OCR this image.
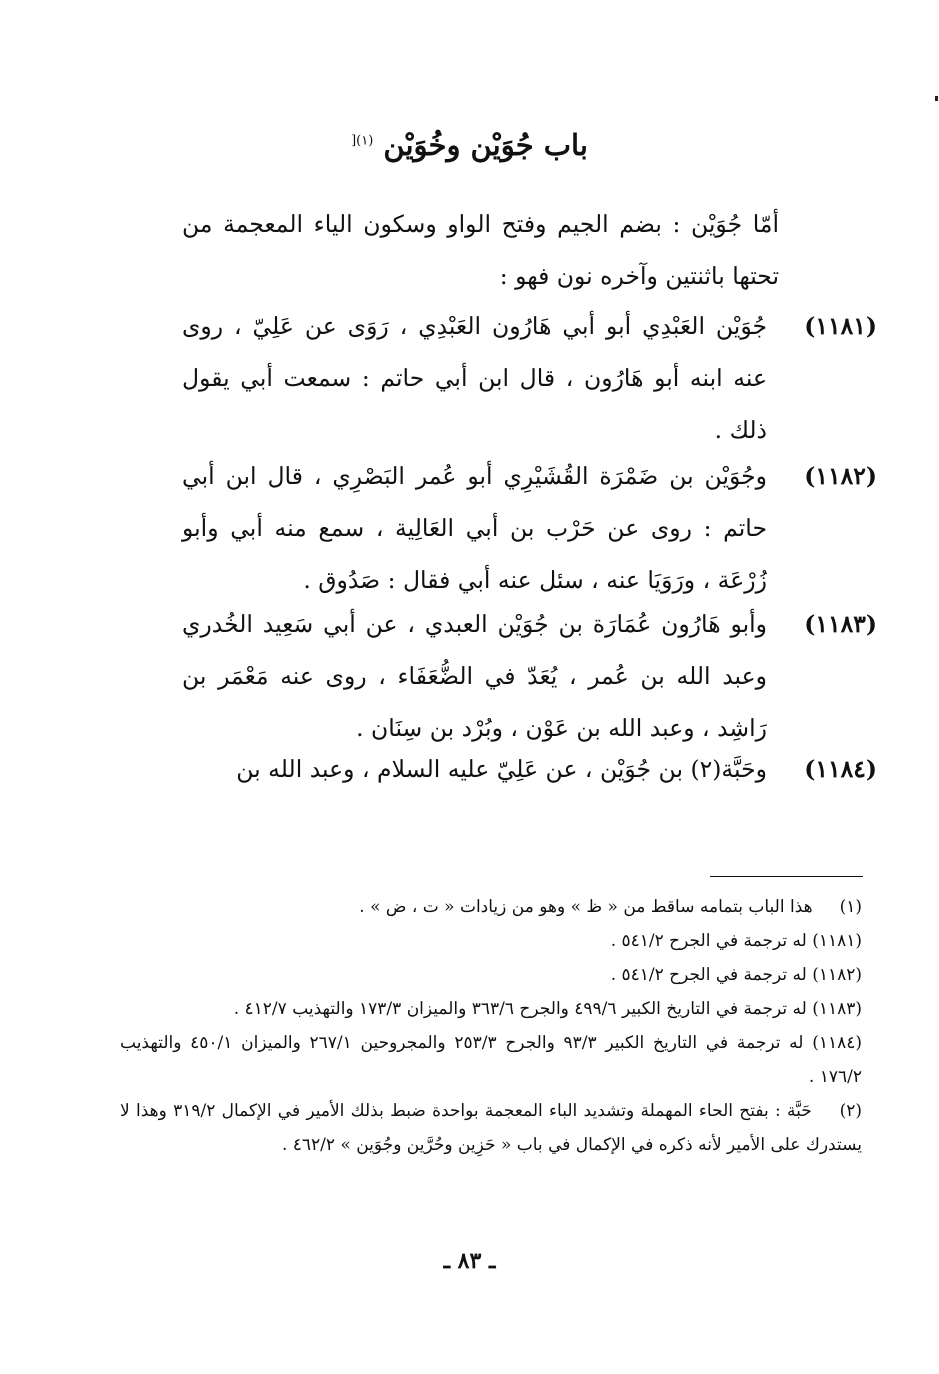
باب جُوَيْن وخُوَيْن $^{(١)[}$
أمّا جُوَيْن : بضم الجيم وفتح الواو وسكون الياء المعجمة من تحتها باثنتين وآخره نون فهو :
(١١٨١)
جُوَيْن العَبْدِي أبو أبي هَارُون العَبْدِي ، رَوَى عن عَلِيّ ، روى عنه ابنه أبو هَارُون ، قال ابن أبي حاتم : سمعت أبي يقول ذلك .
(١١٨٢)
وجُوَيْن بن ضَمْرَة القُشَيْرِي أبو عُمر البَصْرِي ، قال ابن أبي حاتم : روى عن حَرْب بن أبي العَالِية ، سمع منه أبي وأبو زُرْعَة ، ورَوَيَا عنه ، سئل عنه أبي فقال : صَدُوق .
(١١٨٣)
وأبو هَارُون عُمَارَة بن جُوَيْن العبدي ، عن أبي سَعِيد الخُدري وعبد الله بن عُمر ، يُعَدّ في الضُّعَفَاء ، روى عنه مَعْمَر بن رَاشِد ، وعبد الله بن عَوْن ، وبُرْد بن سِنَان .
(١١٨٤)
وحَبَّة(٢) بن جُوَيْن ، عن عَلِيّ عليه السلام ، وعبد الله بن
(١) هذا الباب بتمامه ساقط من « ظ » وهو من زيادات « ت ، ض » .
(١١٨١) له ترجمة في الجرح ٥٤١/٢ .
(١١٨٢) له ترجمة في الجرح ٥٤١/٢ .
(١١٨٣) له ترجمة في التاريخ الكبير ٤٩٩/٦ والجرح ٣٦٣/٦ والميزان ١٧٣/٣ والتهذيب ٤١٢/٧ .
(١١٨٤) له ترجمة في التاريخ الكبير ٩٣/٣ والجرح ٢٥٣/٣ والمجروحين ٢٦٧/١ والميزان ٤٥٠/١ والتهذيب ١٧٦/٢ .
(٢) حَبَّة : بفتح الحاء المهملة وتشديد الباء المعجمة بواحدة ضبط بذلك الأمير في الإكمال ٣١٩/٢ وهذا لا يستدرك على الأمير لأنه ذكره في الإكمال في باب « حَزِين وحُرَّين وجُوَين » ٤٦٢/٢ .
ـ ٨٣ ـ
